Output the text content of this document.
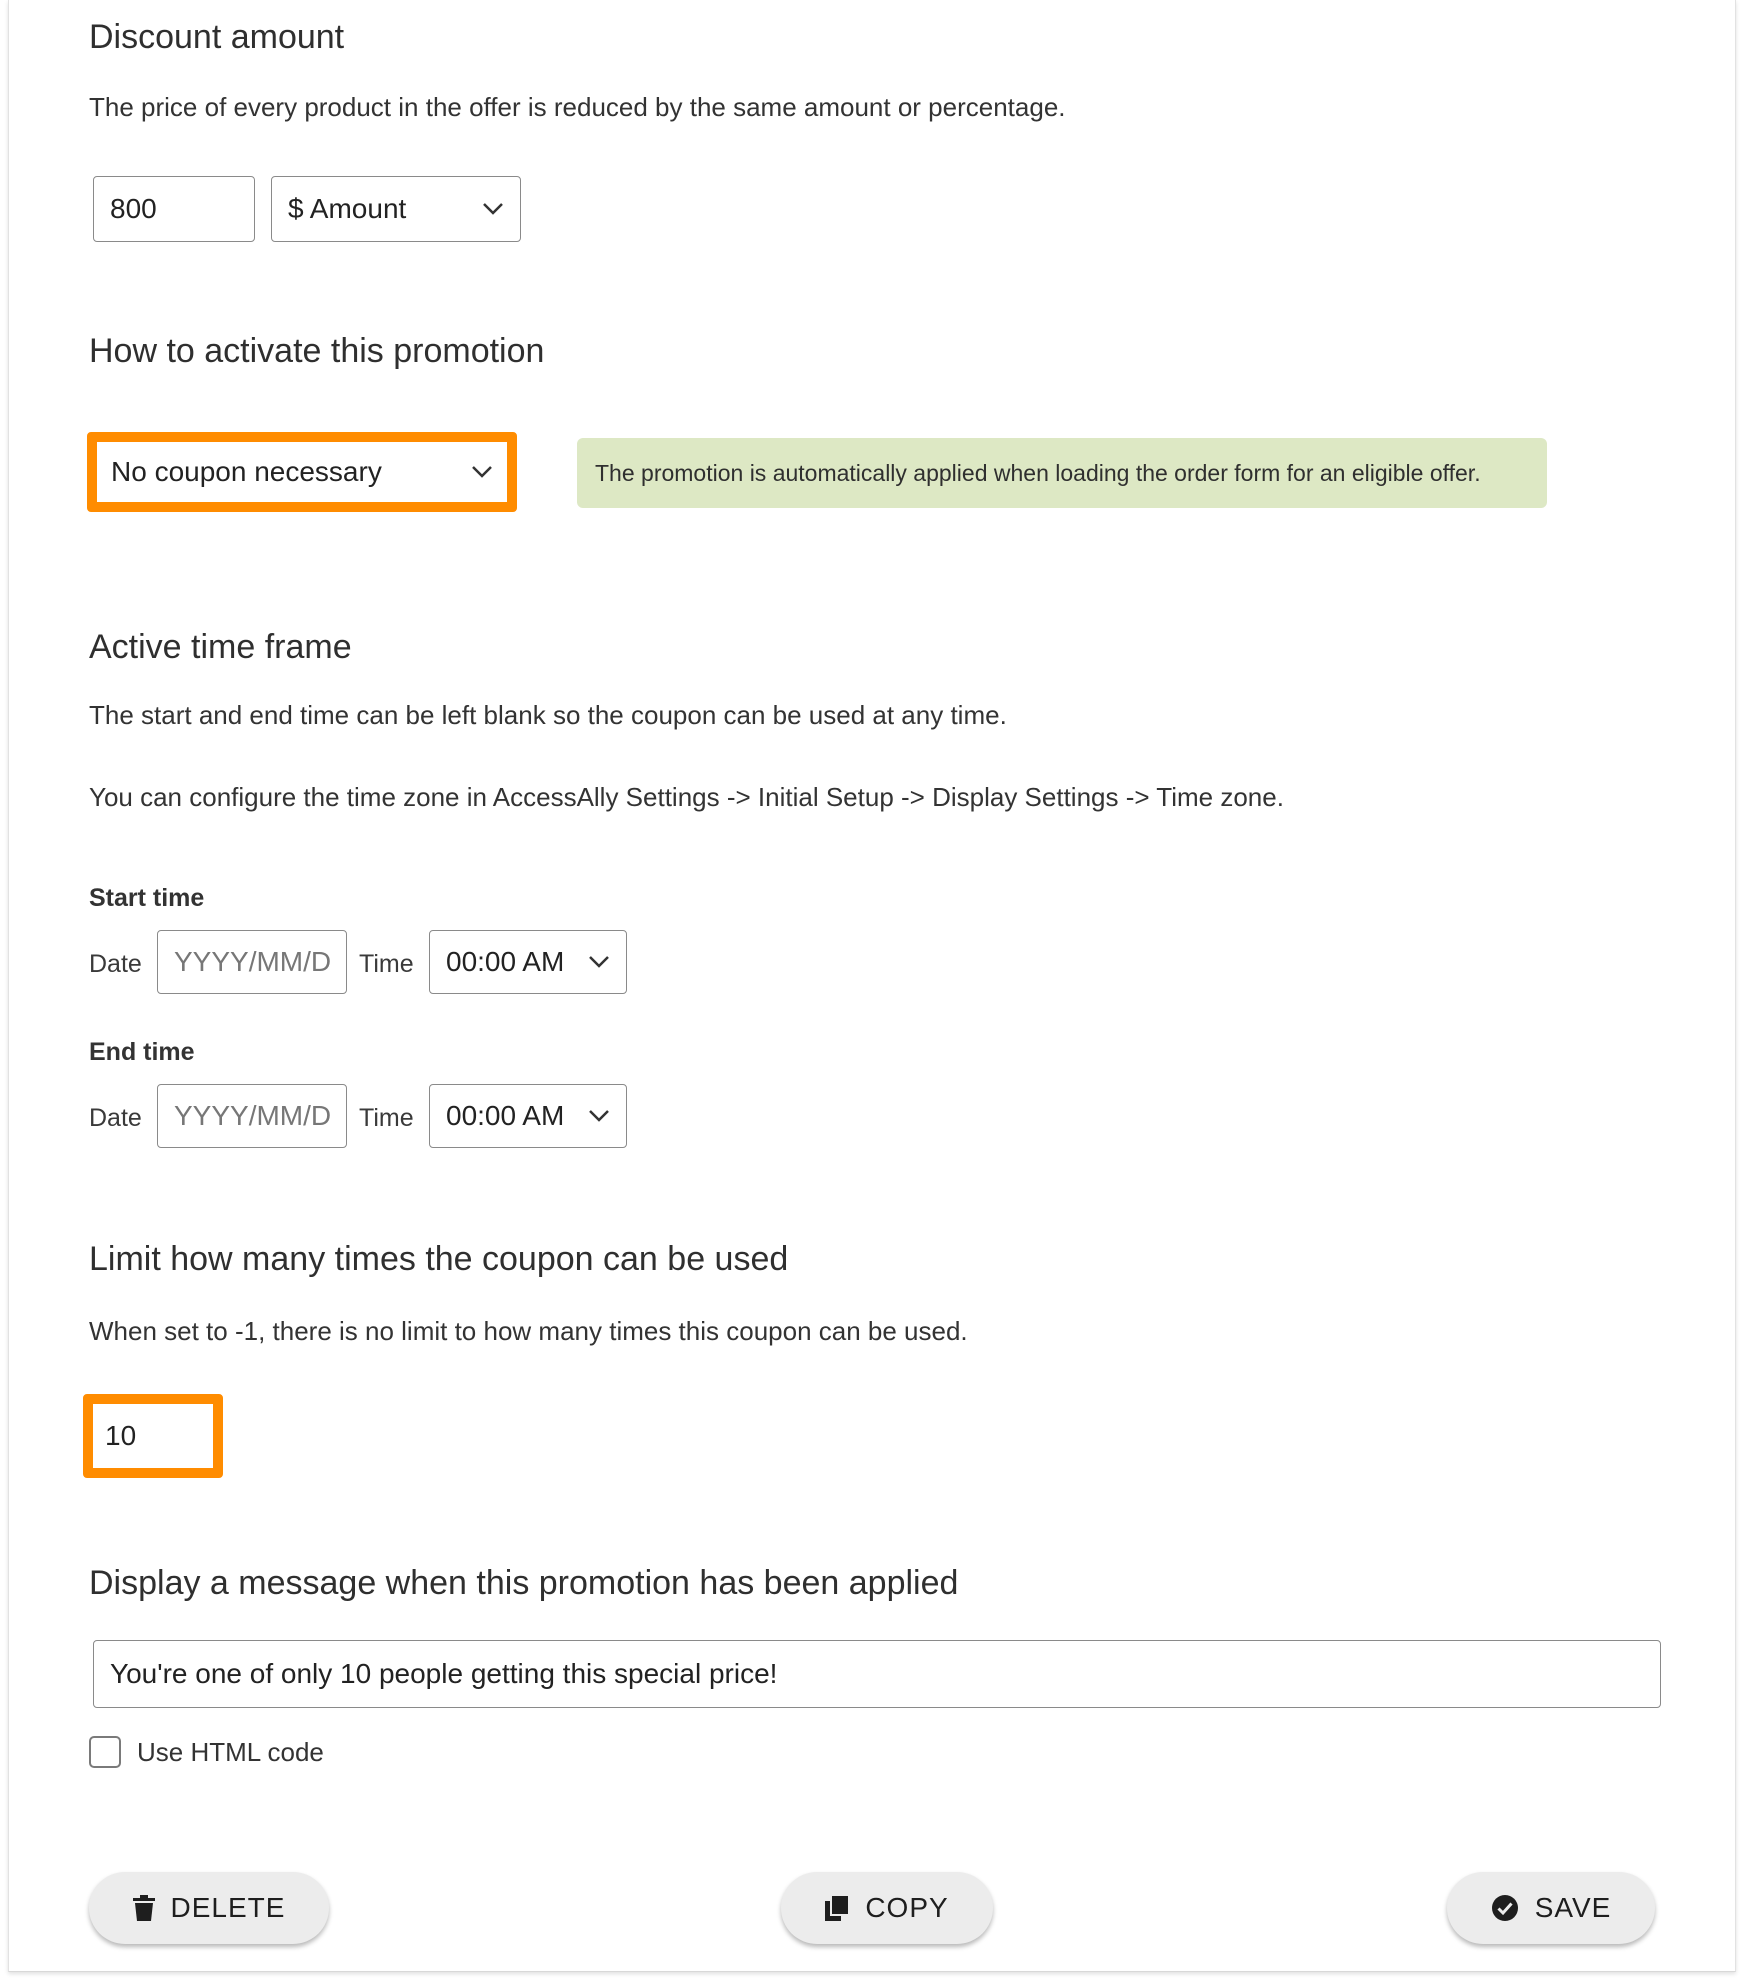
Discount amount

The price of every product in the offer is reduced by the same amount or percentage.

800	$ Amount
How to activate this promotion
No coupon necessary	The promotion is automatically applied when loading the order form for an eligible offer.
Active time frame

The start and end time can be left blank so the coupon can be used at any time.

You can configure the time zone in AccessAlly Settings -> Initial Setup -> Display Settings -> Time zone.

Start time
Date YYYY/MM/D Time 00:00 AM
End time
Date YYYY/MM/D Time 00:00 AM
Limit how many times the coupon can be used

When set to -1, there is no limit to how many times this coupon can be used.

10
Display a message when this promotion has been applied
You're one of only 10 people getting this special price!
Use HTML code
DELETE	COPY	SAVE
